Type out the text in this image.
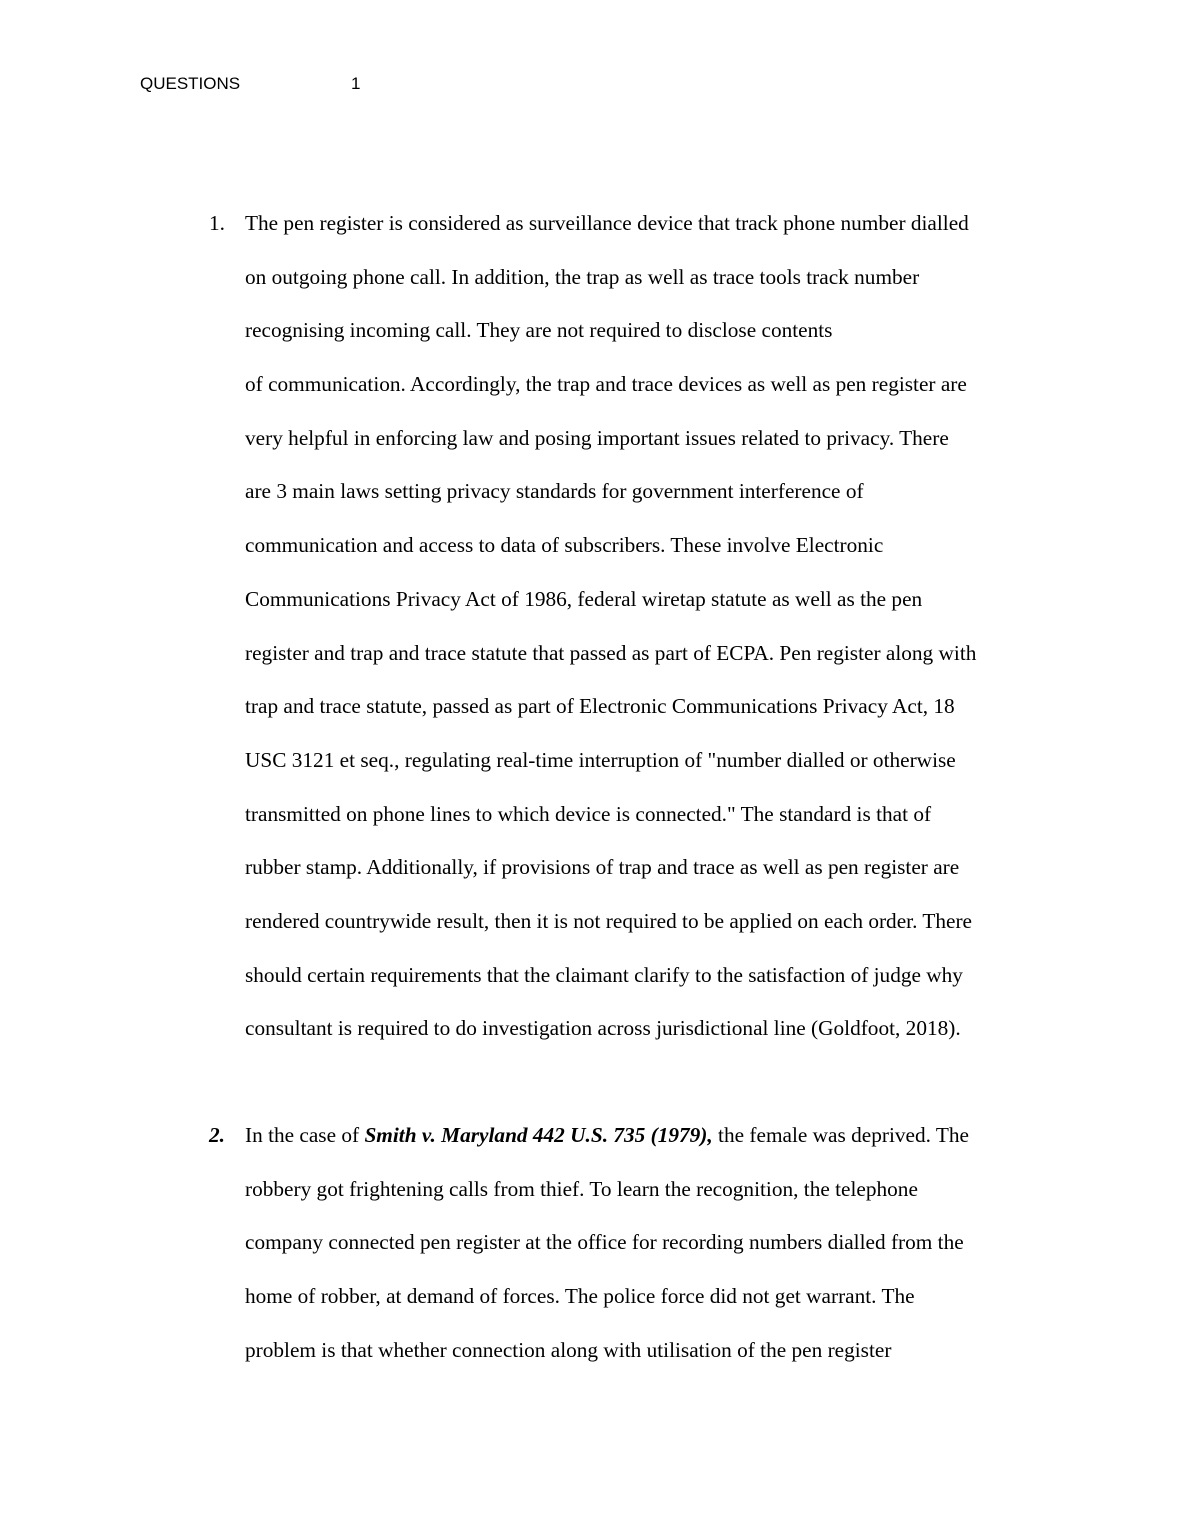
QUESTIONS	1
1. The pen register is considered as surveillance device that track phone number dialled
on outgoing phone call. In addition, the trap as well as trace tools track number
recognising incoming call. They are not required to disclose contents
of communication. Accordingly, the trap and trace devices as well as pen register are
very helpful in enforcing law and posing important issues related to privacy. There
are 3 main laws setting privacy standards for government interference of
communication and access to data of subscribers. These involve Electronic
Communications Privacy Act of 1986, federal wiretap statute as well as the pen
register and trap and trace statute that passed as part of ECPA. Pen register along with
trap and trace statute, passed as part of Electronic Communications Privacy Act, 18
USC 3121 et seq., regulating real-time interruption of "number dialled or otherwise
transmitted on phone lines to which device is connected." The standard is that of
rubber stamp. Additionally, if provisions of trap and trace as well as pen register are
rendered countrywide result, then it is not required to be applied on each order. There
should certain requirements that the claimant clarify to the satisfaction of judge why
consultant is required to do investigation across jurisdictional line (Goldfoot, 2018).
2. In the case of Smith v. Maryland 442 U.S. 735 (1979), the female was deprived. The
robbery got frightening calls from thief. To learn the recognition, the telephone
company connected pen register at the office for recording numbers dialled from the
home of robber, at demand of forces. The police force did not get warrant. The
problem is that whether connection along with utilisation of the pen register
